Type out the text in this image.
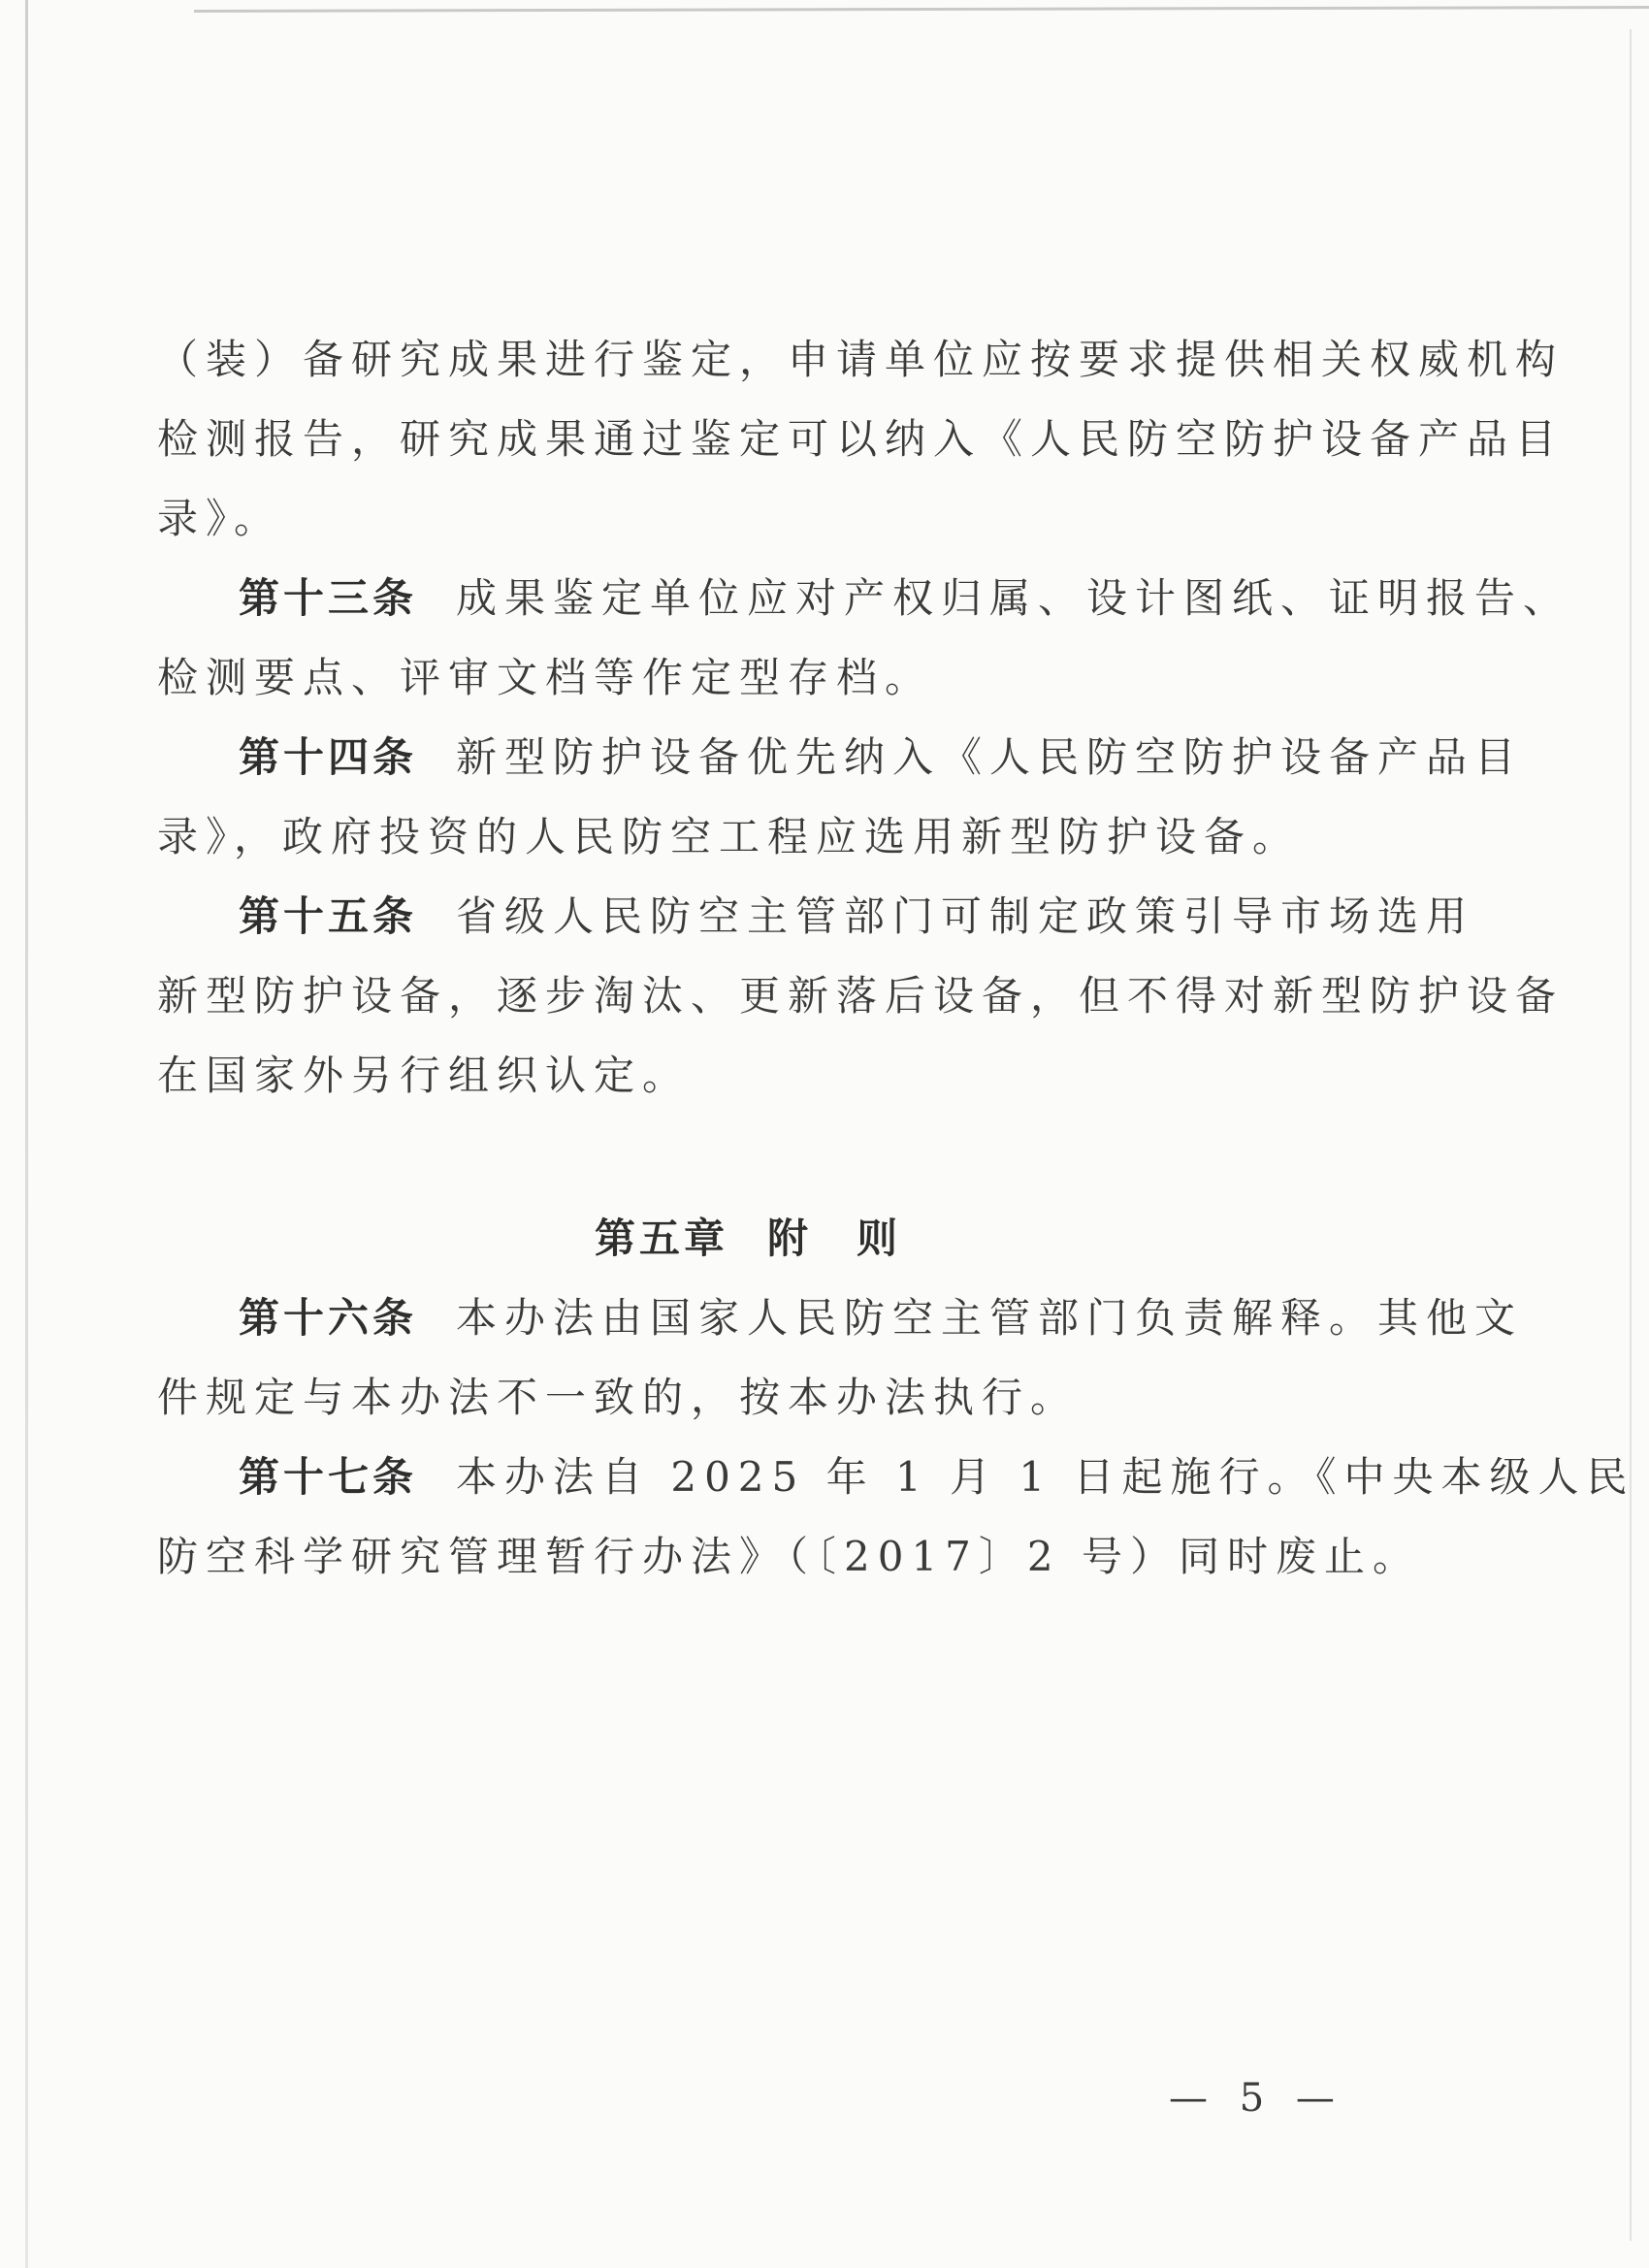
（装）备研究成果进行鉴定，申请单位应按要求提供相关权威机构
检测报告，研究成果通过鉴定可以纳入《人民防空防护设备产品目
录》。
第十三条 成果鉴定单位应对产权归属、设计图纸、证明报告、
检测要点、评审文档等作定型存档。
第十四条 新型防护设备优先纳入《人民防空防护设备产品目
录》，政府投资的人民防空工程应选用新型防护设备。
第十五条 省级人民防空主管部门可制定政策引导市场选用
新型防护设备，逐步淘汰、更新落后设备，但不得对新型防护设备
在国家外另行组织认定。
第五章 附　则
第十六条 本办法由国家人民防空主管部门负责解释。其他文
件规定与本办法不一致的，按本办法执行。
第十七条 本办法自 2025 年 1 月 1 日起施行。《中央本级人民
防空科学研究管理暂行办法》（〔2017〕2 号）同时废止。
— 5 —
